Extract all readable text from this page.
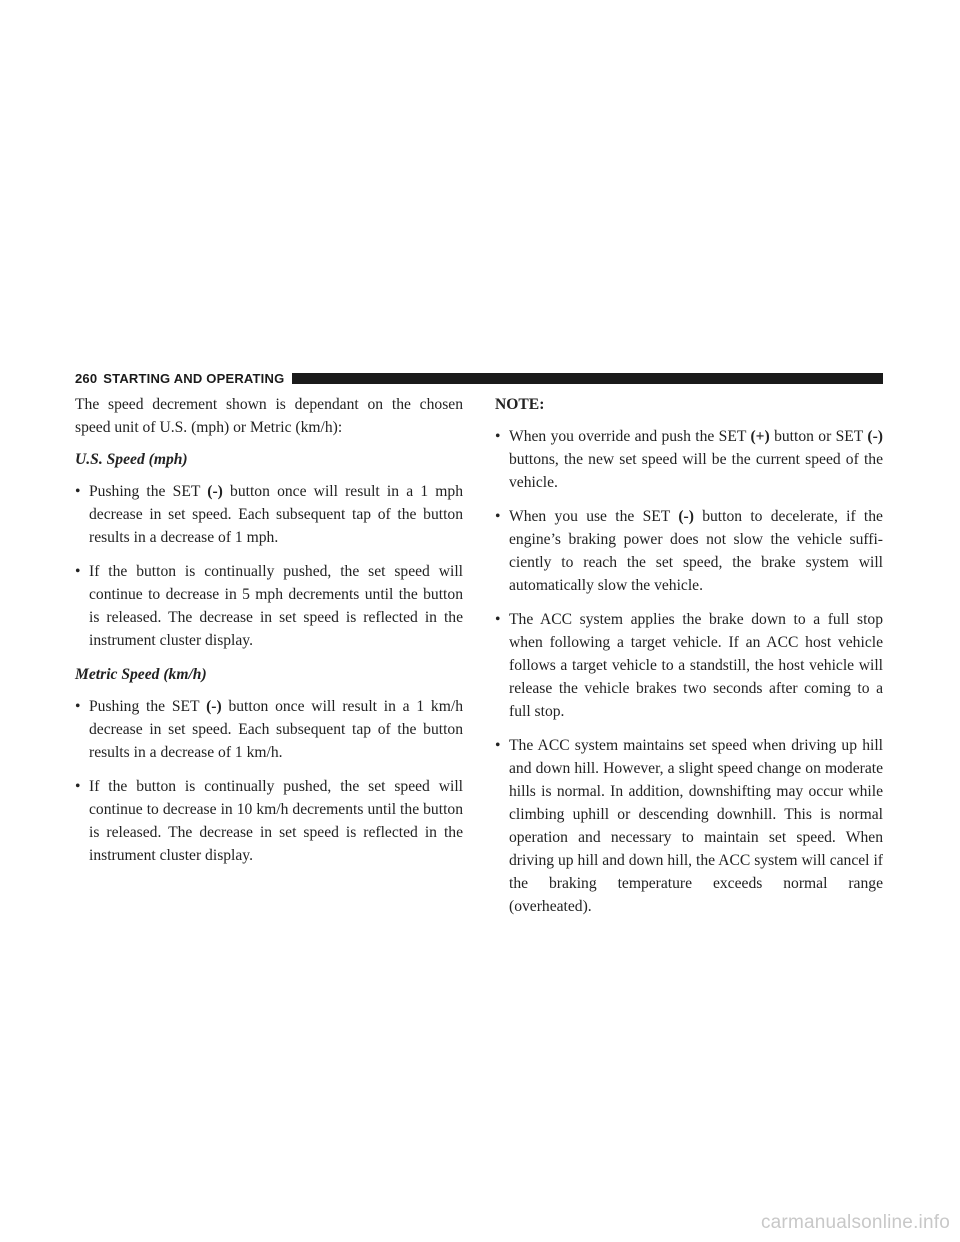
260 STARTING AND OPERATING

The speed decrement shown is dependant on the chosen speed unit of U.S. (mph) or Metric (km/h):

U.S. Speed (mph)
• Pushing the SET (-) button once will result in a 1 mph decrease in set speed. Each subsequent tap of the button results in a decrease of 1 mph.
• If the button is continually pushed, the set speed will continue to decrease in 5 mph decrements until the button is released. The decrease in set speed is reflected in the instrument cluster display.
Metric Speed (km/h)
• Pushing the SET (-) button once will result in a 1 km/h decrease in set speed. Each subsequent tap of the button results in a decrease of 1 km/h.
• If the button is continually pushed, the set speed will continue to decrease in 10 km/h decrements until the button is released. The decrease in set speed is reflected in the instrument cluster display.
NOTE:
• When you override and push the SET (+) button or SET (-) buttons, the new set speed will be the current speed of the vehicle.
• When you use the SET (-) button to decelerate, if the engine’s braking power does not slow the vehicle suffi-ciently to reach the set speed, the brake system will automatically slow the vehicle.
• The ACC system applies the brake down to a full stop when following a target vehicle. If an ACC host vehicle follows a target vehicle to a standstill, the host vehicle will release the vehicle brakes two seconds after coming to a full stop.
• The ACC system maintains set speed when driving up hill and down hill. However, a slight speed change on moderate hills is normal. In addition, downshifting may occur while climbing uphill or descending downhill. This is normal operation and necessary to maintain set speed. When driving up hill and down hill, the ACC system will cancel if the braking temperature exceeds normal range (overheated).
carmanualsonline.info
